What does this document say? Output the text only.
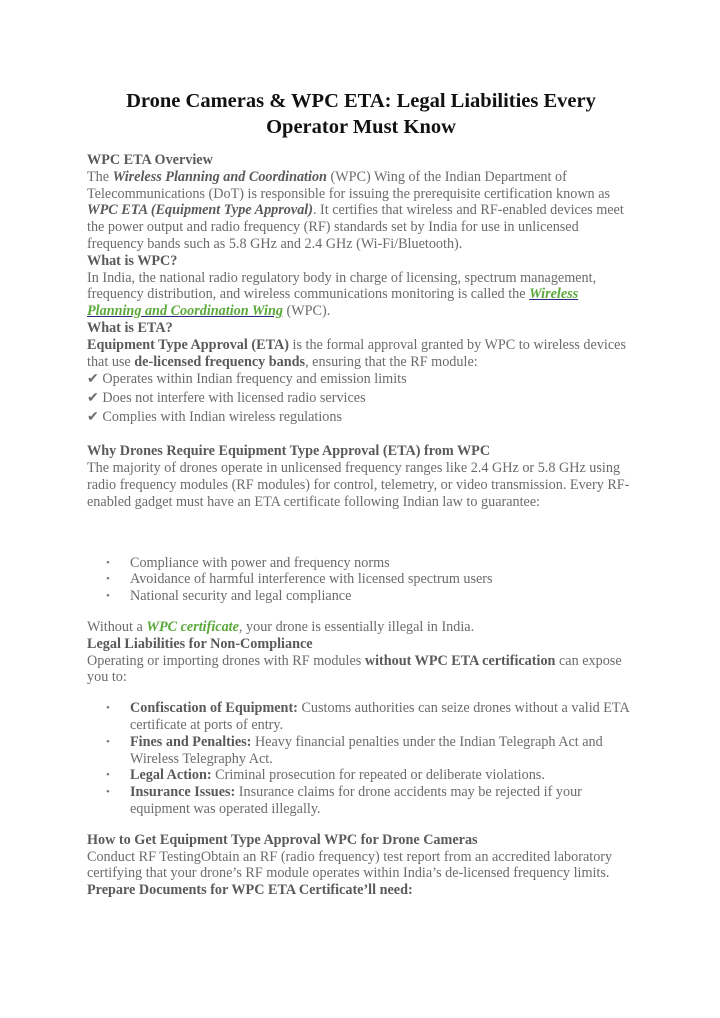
Drone Cameras & WPC ETA: Legal Liabilities Every Operator Must Know

WPC ETA Overview
The Wireless Planning and Coordination (WPC) Wing of the Indian Department of Telecommunications (DoT) is responsible for issuing the prerequisite certification known as WPC ETA (Equipment Type Approval). It certifies that wireless and RF-enabled devices meet the power output and radio frequency (RF) standards set by India for use in unlicensed frequency bands such as 5.8 GHz and 2.4 GHz (Wi-Fi/Bluetooth).
What is WPC?
In India, the national radio regulatory body in charge of licensing, spectrum management, frequency distribution, and wireless communications monitoring is called the Wireless Planning and Coordination Wing (WPC).
What is ETA?
Equipment Type Approval (ETA) is the formal approval granted by WPC to wireless devices that use de-licensed frequency bands, ensuring that the RF module:

✔ Operates within Indian frequency and emission limits
✔ Does not interfere with licensed radio services
✔ Complies with Indian wireless regulations

Why Drones Require Equipment Type Approval (ETA) from WPC
The majority of drones operate in unlicensed frequency ranges like 2.4 GHz or 5.8 GHz using radio frequency modules (RF modules) for control, telemetry, or video transmission. Every RF-enabled gadget must have an ETA certificate following Indian law to guarantee:

• Compliance with power and frequency norms
• Avoidance of harmful interference with licensed spectrum users
• National security and legal compliance

Without a WPC certificate, your drone is essentially illegal in India.
Legal Liabilities for Non-Compliance
Operating or importing drones with RF modules without WPC ETA certification can expose you to:

• Confiscation of Equipment: Customs authorities can seize drones without a valid ETA certificate at ports of entry.
• Fines and Penalties: Heavy financial penalties under the Indian Telegraph Act and Wireless Telegraphy Act.
• Legal Action: Criminal prosecution for repeated or deliberate violations.
• Insurance Issues: Insurance claims for drone accidents may be rejected if your equipment was operated illegally.

How to Get Equipment Type Approval WPC for Drone Cameras
Conduct RF TestingObtain an RF (radio frequency) test report from an accredited laboratory certifying that your drone’s RF module operates within India’s de-licensed frequency limits.
Prepare Documents for WPC ETA Certificate’ll need:
